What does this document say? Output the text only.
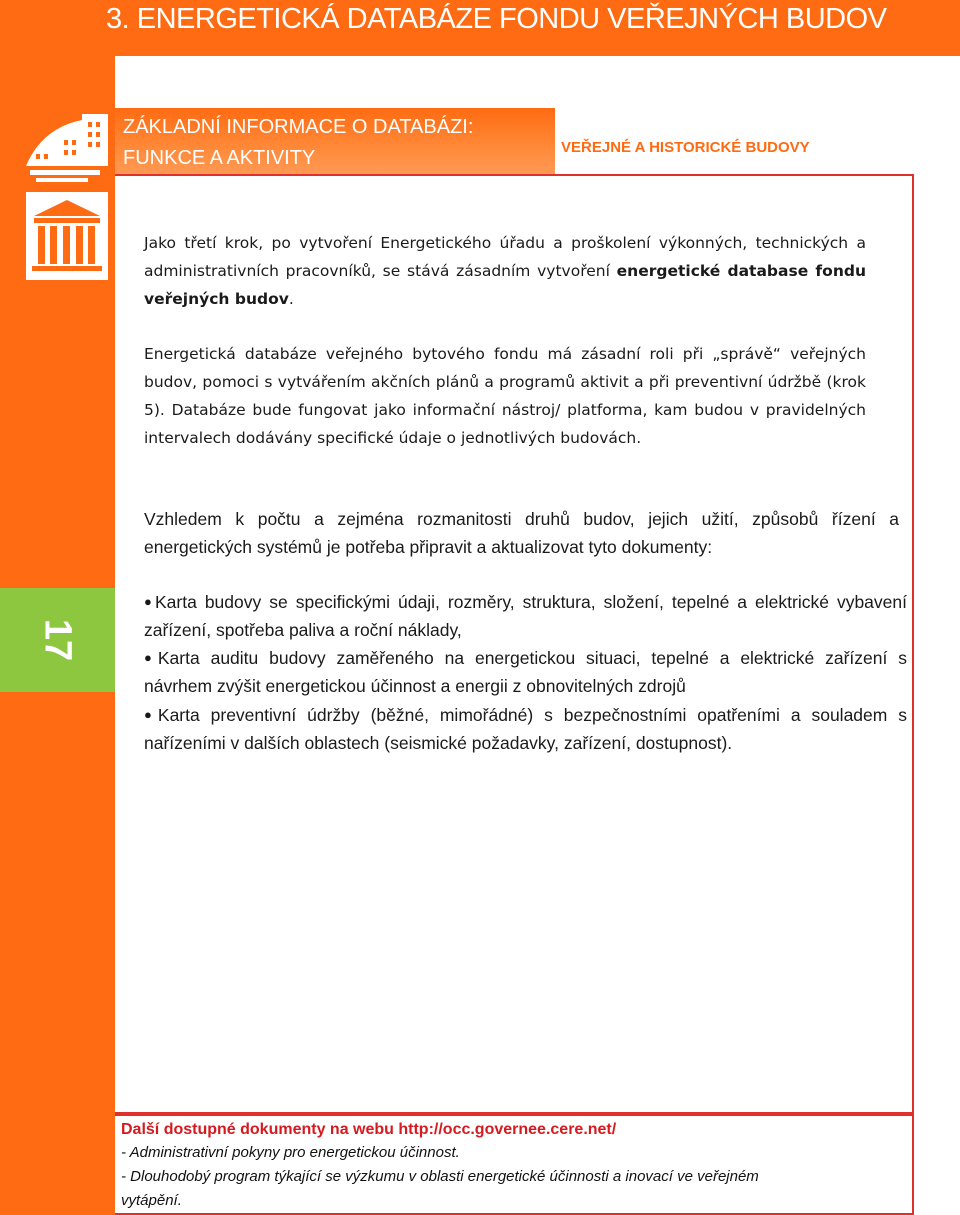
3. ENERGETICKÁ DATABÁZE FONDU VEŘEJNÝCH BUDOV
17
ZÁKLADNÍ INFORMACE O DATABÁZI:
FUNKCE A AKTIVITY	VEŘEJNÉ A HISTORICKÉ BUDOVY

Jako třetí krok, po vytvoření Energetického úřadu a proškolení výkonných, technických a administrativních pracovníků, se stává zásadním vytvoření energetické database fondu veřejných budov.

Energetická databáze veřejného bytového fondu má zásadní roli při „správě“ veřejných budov, pomoci s vytvářením akčních plánů a programů aktivit a při preventivní údržbě (krok 5). Databáze bude fungovat jako informační nástroj/ platforma, kam budou v pravidelných intervalech dodávány specifické údaje o jednotlivých budovách.

Vzhledem k počtu a zejména rozmanitosti druhů budov, jejich užití, způsobů řízení a energetických systémů je potřeba připravit a aktualizovat tyto dokumenty:

●Karta budovy se specifickými údaji, rozměry, struktura, složení, tepelné a elektrické vybavení zařízení, spotřeba paliva a roční náklady,

●Karta auditu budovy zaměřeného na energetickou situaci, tepelné a elektrické zařízení s návrhem zvýšit energetickou účinnost a energii z obnovitelných zdrojů

●Karta preventivní údržby (běžné, mimořádné) s bezpečnostními opatřeními a souladem s nařízeními v dalších oblastech (seismické požadavky, zařízení, dostupnost).

Další dostupné dokumenty na webu http://occ.governee.cere.net/
- Administrativní pokyny pro energetickou účinnost.
- Dlouhodobý program týkající se výzkumu v oblasti energetické účinnosti a inovací ve veřejném
vytápění.
